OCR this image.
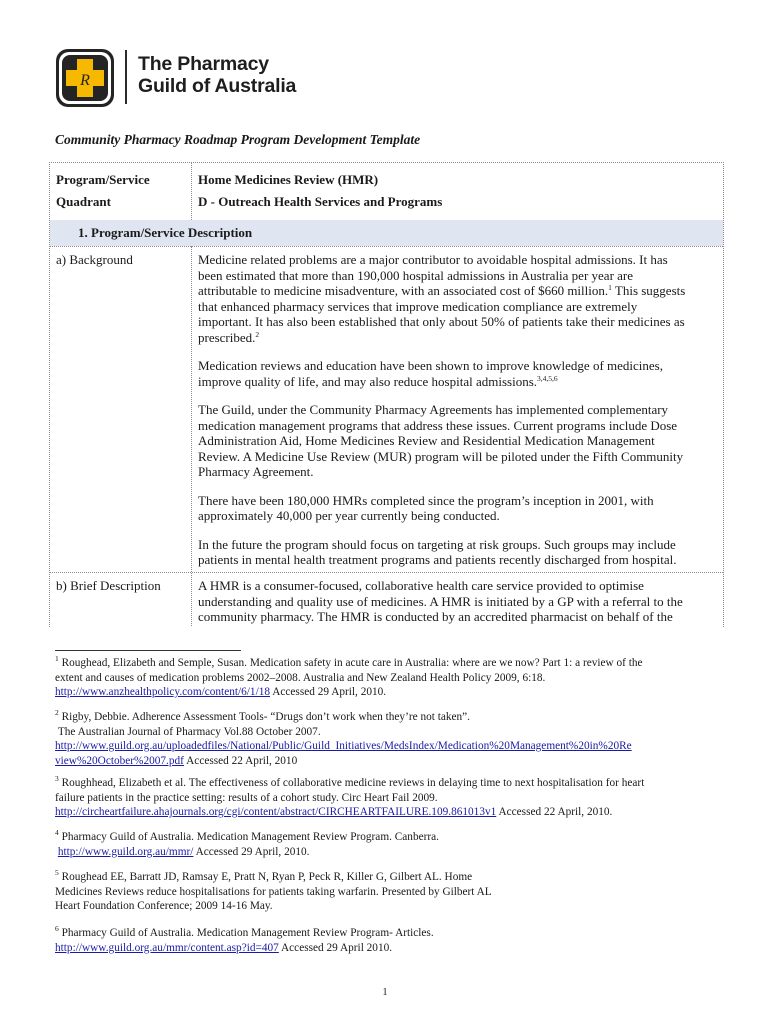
R
The Pharmacy
Guild of Australia
Community Pharmacy Roadmap Program Development Template
Program/Service	Home Medicines Review (HMR)
Quadrant	D - Outreach Health Services and Programs
1. Program/Service Description
a) Background	Medicine related problems are a major contributor to avoidable hospital admissions. It has
been estimated that more than 190,000 hospital admissions in Australia per year are
attributable to medicine misadventure, with an associated cost of $660 million.$^1$ This suggests
that enhanced pharmacy services that improve medication compliance are extremely
important. It has also been established that only about 50% of patients take their medicines as
prescribed.$^2$

Medication reviews and education have been shown to improve knowledge of medicines,
improve quality of life, and may also reduce hospital admissions.$^{3,4,5,6}$

The Guild, under the Community Pharmacy Agreements has implemented complementary
medication management programs that address these issues. Current programs include Dose
Administration Aid, Home Medicines Review and Residential Medication Management
Review. A Medicine Use Review (MUR) program will be piloted under the Fifth Community
Pharmacy Agreement.

There have been 180,000 HMRs completed since the program’s inception in 2001, with
approximately 40,000 per year currently being conducted.

In the future the program should focus on targeting at risk groups. Such groups may include
patients in mental health treatment programs and patients recently discharged from hospital.

b) Brief Description	A HMR is a consumer-focused, collaborative health care service provided to optimise
understanding and quality use of medicines. A HMR is initiated by a GP with a referral to the
community pharmacy. The HMR is conducted by an accredited pharmacist on behalf of the
$^1$ Roughead, Elizabeth and Semple, Susan. Medication safety in acute care in Australia: where are we now? Part 1: a review of the
extent and causes of medication problems 2002–2008. Australia and New Zealand Health Policy 2009, 6:18.
http://www.anzhealthpolicy.com/content/6/1/18 Accessed 29 April, 2010.
$^2$ Rigby, Debbie. Adherence Assessment Tools- “Drugs don’t work when they’re not taken”.
The Australian Journal of Pharmacy Vol.88 October 2007.
http://www.guild.org.au/uploadedfiles/National/Public/Guild_Initiatives/MedsIndex/Medication%20Management%20in%20Re
view%20October%2007.pdf Accessed 22 April, 2010
$^3$ Roughhead, Elizabeth et al. The effectiveness of collaborative medicine reviews in delaying time to next hospitalisation for heart
failure patients in the practice setting: results of a cohort study. Circ Heart Fail 2009.
http://circheartfailure.ahajournals.org/cgi/content/abstract/CIRCHEARTFAILURE.109.861013v1 Accessed 22 April, 2010.
$^4$ Pharmacy Guild of Australia. Medication Management Review Program. Canberra.
http://www.guild.org.au/mmr/ Accessed 29 April, 2010.
$^5$ Roughead EE, Barratt JD, Ramsay E, Pratt N, Ryan P, Peck R, Killer G, Gilbert AL. Home
Medicines Reviews reduce hospitalisations for patients taking warfarin. Presented by Gilbert AL
Heart Foundation Conference; 2009 14-16 May.
$^6$ Pharmacy Guild of Australia. Medication Management Review Program- Articles.
http://www.guild.org.au/mmr/content.asp?id=407 Accessed 29 April 2010.
1
